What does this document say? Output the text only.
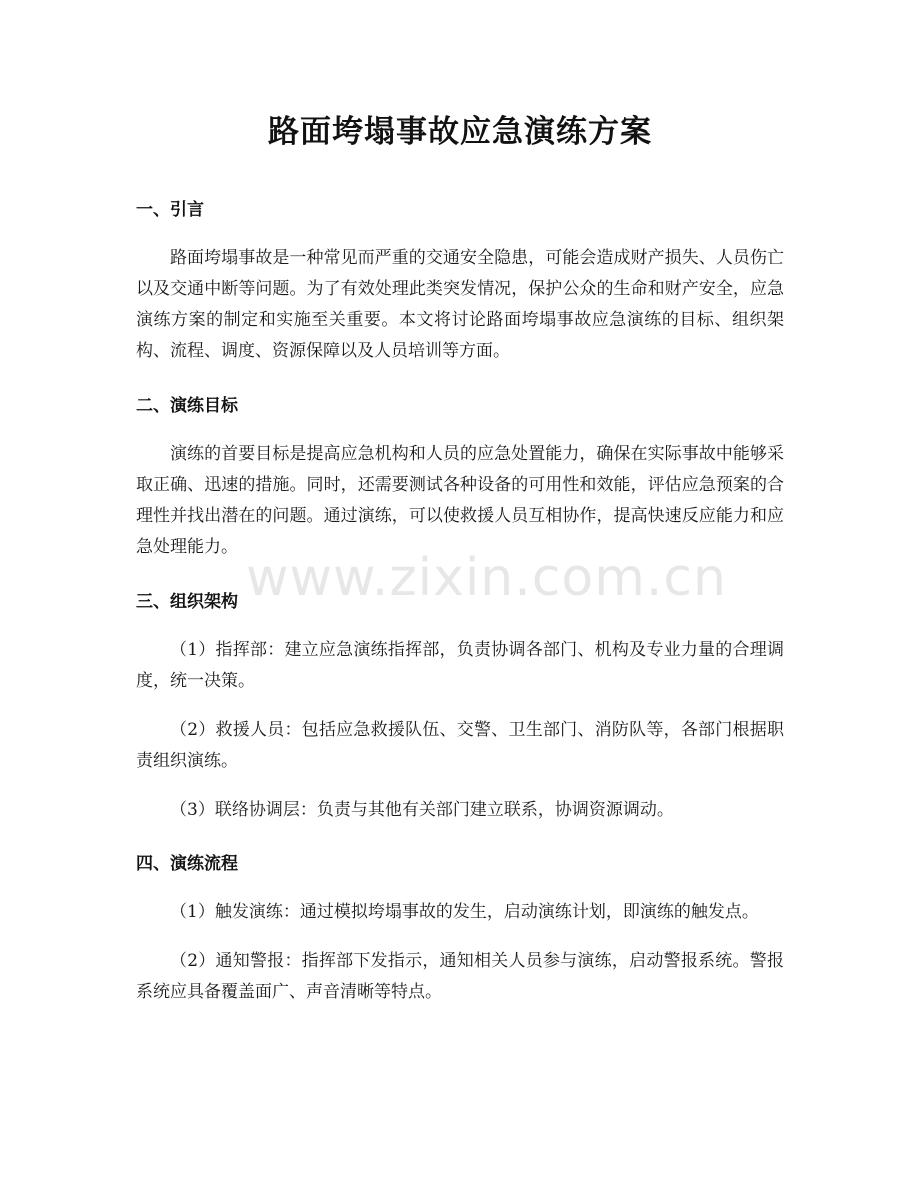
路面垮塌事故应急演练方案
一、引言

路面垮塌事故是一种常见而严重的交通安全隐患，可能会造成财产损失、人员伤亡以及交通中断等问题。为了有效处理此类突发情况，保护公众的生命和财产安全，应急演练方案的制定和实施至关重要。本文将讨论路面垮塌事故应急演练的目标、组织架构、流程、调度、资源保障以及人员培训等方面。

二、演练目标

演练的首要目标是提高应急机构和人员的应急处置能力，确保在实际事故中能够采取正确、迅速的措施。同时，还需要测试各种设备的可用性和效能，评估应急预案的合理性并找出潜在的问题。通过演练，可以使救援人员互相协作，提高快速反应能力和应急处理能力。

三、组织架构

（1）指挥部：建立应急演练指挥部，负责协调各部门、机构及专业力量的合理调度，统一决策。

（2）救援人员：包括应急救援队伍、交警、卫生部门、消防队等，各部门根据职责组织演练。

（3）联络协调层：负责与其他有关部门建立联系，协调资源调动。

四、演练流程

（1）触发演练：通过模拟垮塌事故的发生，启动演练计划，即演练的触发点。

（2）通知警报：指挥部下发指示，通知相关人员参与演练，启动警报系统。警报系统应具备覆盖面广、声音清晰等特点。

www.zixin.com.cn
